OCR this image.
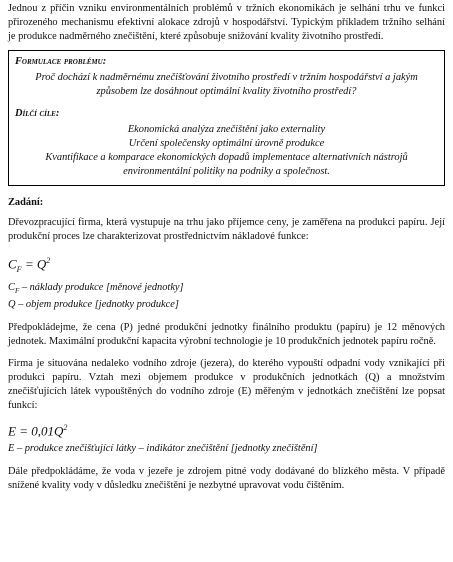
Jednou z příčin vzniku environmentálních problémů v tržních ekonomikách je selhání trhu ve funkci přirozeného mechanismu efektivní alokace zdrojů v hospodářství. Typickým příkladem tržního selhání je produkce nadměrného znečištění, které způsobuje snižování kvality životního prostředí.

Formulace problému:

Proč dochází k nadměrnému znečišťování životního prostředí v tržním hospodářství a jakým způsobem lze dosáhnout optimální kvality životního prostředí?

Dílčí cíle:

Ekonomická analýza znečištění jako externality

Určení společensky optimální úrovně produkce

Kvantifikace a komparace ekonomických dopadů implementace alternativních nástrojů environmentální politiky na podniky a společnost.

Zadání:

Dřevozpracující firma, která vystupuje na trhu jako příjemce ceny, je zaměřena na produkci papíru. Její produkční proces lze charakterizovat prostřednictvím nákladové funkce:

$C_F = Q^2$

$C_F$ – náklady produkce [měnové jednotky]

Q – objem produkce [jednotky produkce]

Předpokládejme, že cena (P) jedné produkční jednotky finálního produktu (papíru) je 12 měnových jednotek. Maximální produkční kapacita výrobní technologie je 10 produkčních jednotek papíru ročně.

Firma je situována nedaleko vodního zdroje (jezera), do kterého vypouští odpadní vody vznikající při produkci papíru. Vztah mezi objemem produkce v produkčních jednotkách (Q) a množstvím znečišťujících látek vypouštěných do vodního zdroje (E) měřeným v jednotkách znečištění lze popsat funkcí:

$E = 0,01Q^2$

E – produkce znečišťující látky – indikátor znečištění [jednotky znečištění]

Dále předpokládáme, že voda v jezeře je zdrojem pitné vody dodávané do blízkého města. V případě snížené kvality vody v důsledku znečištění je nezbytné upravovat vodu čištěním.
